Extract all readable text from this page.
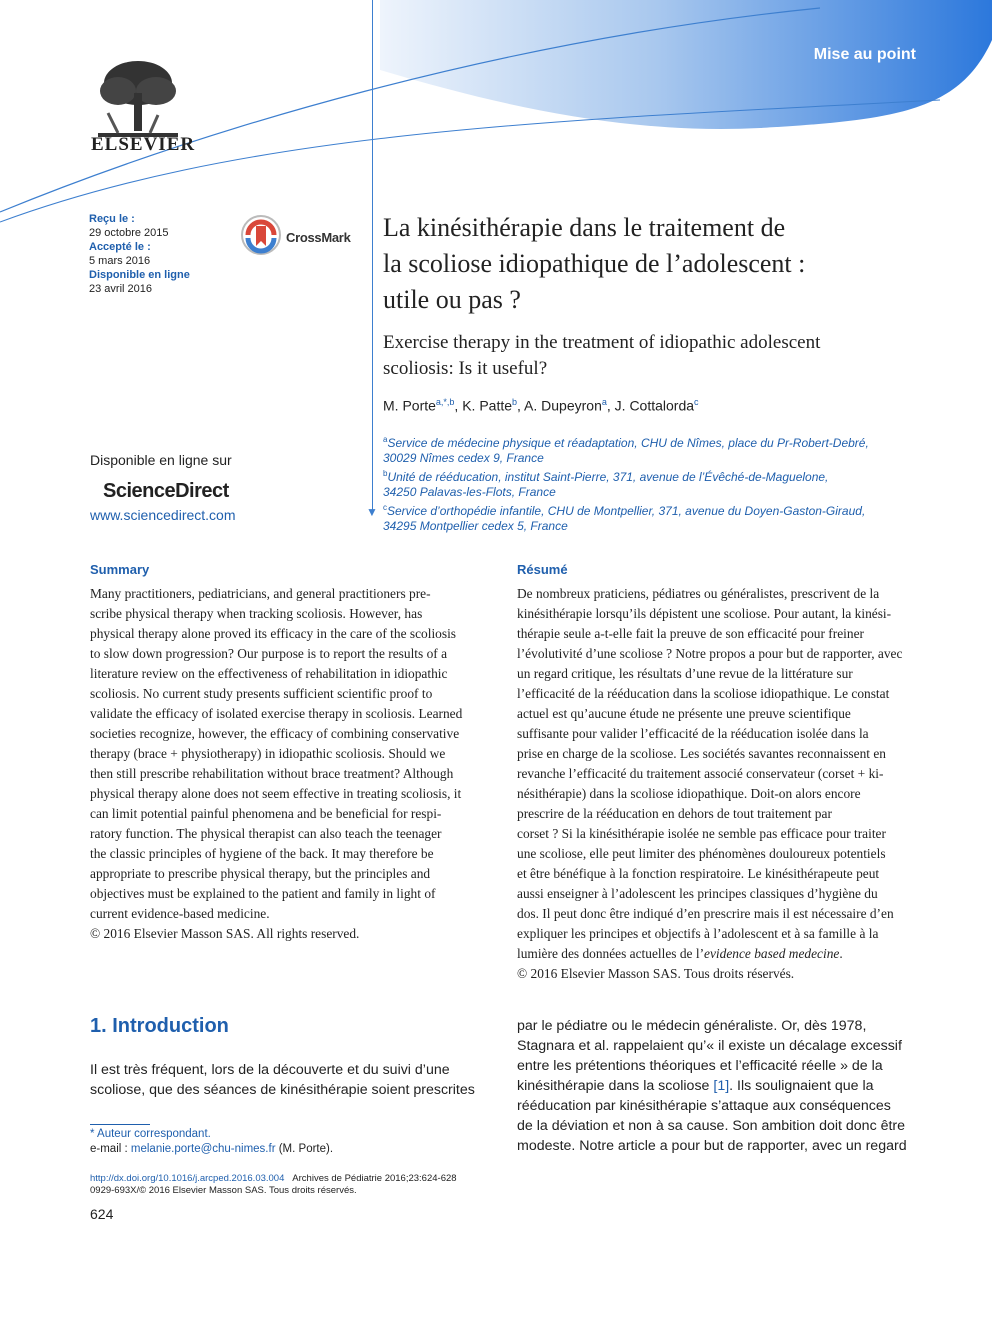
Mise au point
ELSEVIER
▼
Reçu le :
29 octobre 2015
Accepté le :
5 mars 2016
Disponible en ligne
23 avril 2016
CrossMark La kinésithérapie dans le traitement de
la scoliose idiopathique de l’adolescent :
utile ou pas ?
Exercise therapy in the treatment of idiopathic adolescent
scoliosis: Is it useful?
M. Porte$^{a,*,b}$, K. Patte$^b$, A. Dupeyron$^a$, J. Cottalorda$^c$
$^a$Service de médecine physique et réadaptation, CHU de Nîmes, place du Pr-Robert-Debré,
30029 Nîmes cedex 9, France
$^b$Unité de rééducation, institut Saint-Pierre, 371, avenue de l’Évêché-de-Maguelone,
34250 Palavas-les-Flots, France
$^c$Service d’orthopédie infantile, CHU de Montpellier, 371, avenue du Doyen-Gaston-Giraud,
34295 Montpellier cedex 5, France
Disponible en ligne sur
ScienceDirect
www.sciencedirect.com
Summary
Many practitioners, pediatricians, and general practitioners pre-
scribe physical therapy when tracking scoliosis. However, has
physical therapy alone proved its efficacy in the care of the scoliosis
to slow down progression? Our purpose is to report the results of a
literature review on the effectiveness of rehabilitation in idiopathic
scoliosis. No current study presents sufficient scientific proof to
validate the efficacy of isolated exercise therapy in scoliosis. Learned
societies recognize, however, the efficacy of combining conservative
therapy (brace + physiotherapy) in idiopathic scoliosis. Should we
then still prescribe rehabilitation without brace treatment? Although
physical therapy alone does not seem effective in treating scoliosis, it
can limit potential painful phenomena and be beneficial for respi-
ratory function. The physical therapist can also teach the teenager
the classic principles of hygiene of the back. It may therefore be
appropriate to prescribe physical therapy, but the principles and
objectives must be explained to the patient and family in light of
current evidence-based medicine.
© 2016 Elsevier Masson SAS. All rights reserved.
Résumé
De nombreux praticiens, pédiatres ou généralistes, prescrivent de la
kinésithérapie lorsqu’ils dépistent une scoliose. Pour autant, la kinési-
thérapie seule a-t-elle fait la preuve de son efficacité pour freiner
l’évolutivité d’une scoliose ? Notre propos a pour but de rapporter, avec
un regard critique, les résultats d’une revue de la littérature sur
l’efficacité de la rééducation dans la scoliose idiopathique. Le constat
actuel est qu’aucune étude ne présente une preuve scientifique
suffisante pour valider l’efficacité de la rééducation isolée dans la
prise en charge de la scoliose. Les sociétés savantes reconnaissent en
revanche l’efficacité du traitement associé conservateur (corset + ki-
nésithérapie) dans la scoliose idiopathique. Doit-on alors encore
prescrire de la rééducation en dehors de tout traitement par
corset ? Si la kinésithérapie isolée ne semble pas efficace pour traiter
une scoliose, elle peut limiter des phénomènes douloureux potentiels
et être bénéfique à la fonction respiratoire. Le kinésithérapeute peut
aussi enseigner à l’adolescent les principes classiques d’hygiène du
dos. Il peut donc être indiqué d’en prescrire mais il est nécessaire d’en
expliquer les principes et objectifs à l’adolescent et à sa famille à la
lumière des données actuelles de l’evidence based medecine.
© 2016 Elsevier Masson SAS. Tous droits réservés.
1. Introduction
Il est très fréquent, lors de la découverte et du suivi d’une
scoliose, que des séances de kinésithérapie soient prescrites
par le pédiatre ou le médecin généraliste. Or, dès 1978,
Stagnara et al. rappelaient qu’« il existe un décalage excessif
entre les prétentions théoriques et l’efficacité réelle » de la
kinésithérapie dans la scoliose [1]. Ils soulignaient que la
rééducation par kinésithérapie s’attaque aux conséquences
de la déviation et non à sa cause. Son ambition doit donc être
modeste. Notre article a pour but de rapporter, avec un regard
* Auteur correspondant.
e-mail : melanie.porte@chu-nimes.fr (M. Porte).
http://dx.doi.org/10.1016/j.arcped.2016.03.004 Archives de Pédiatrie 2016;23:624-628
0929-693X/© 2016 Elsevier Masson SAS. Tous droits réservés.
624
